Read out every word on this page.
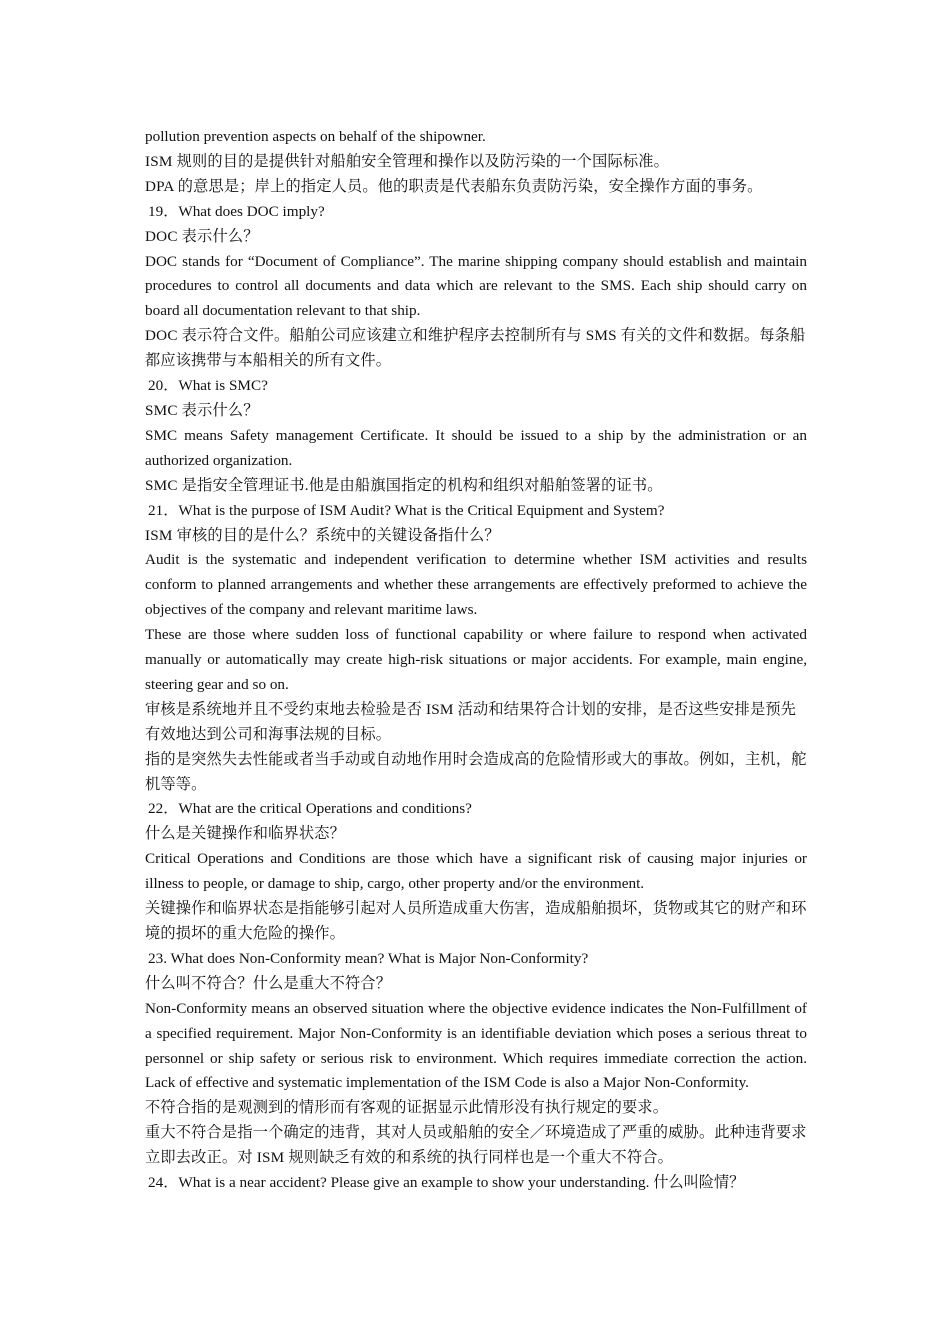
pollution prevention aspects on behalf of the shipowner.

ISM 规则的目的是提供针对船舶安全管理和操作以及防污染的一个国际标准。

DPA 的意思是；岸上的指定人员。他的职责是代表船东负责防污染，安全操作方面的事务。

19．What does DOC imply?

DOC 表示什么？

DOC stands for “Document of Compliance”. The marine shipping company should establish and maintain procedures to control all documents and data which are relevant to the SMS. Each ship should carry on board all documentation relevant to that ship.

DOC 表示符合文件。船舶公司应该建立和维护程序去控制所有与 SMS 有关的文件和数据。每条船都应该携带与本船相关的所有文件。

20．What is SMC?

SMC 表示什么？

SMC means Safety management Certificate. It should be issued to a ship by the administration or an authorized organization.

SMC 是指安全管理证书.他是由船旗国指定的机构和组织对船舶签署的证书。

21．What is the purpose of ISM Audit? What is the Critical Equipment and System?

ISM 审核的目的是什么？系统中的关键设备指什么？

Audit is the systematic and independent verification to determine whether ISM activities and results conform to planned arrangements and whether these arrangements are effectively preformed to achieve the objectives of the company and relevant maritime laws.

These are those where sudden loss of functional capability or where failure to respond when activated manually or automatically may create high-risk situations or major accidents. For example, main engine, steering gear and so on.

审核是系统地并且不受约束地去检验是否 ISM 活动和结果符合计划的安排，是否这些安排是预先有效地达到公司和海事法规的目标。

指的是突然失去性能或者当手动或自动地作用时会造成高的危险情形或大的事故。例如，主机，舵机等等。

22．What are the critical Operations and conditions?

什么是关键操作和临界状态？

Critical Operations and Conditions are those which have a significant risk of causing major injuries or illness to people, or damage to ship, cargo, other property and/or the environment.

关键操作和临界状态是指能够引起对人员所造成重大伤害，造成船舶损坏，货物或其它的财产和环境的损坏的重大危险的操作。

23. What does Non-Conformity mean? What is Major Non-Conformity?

什么叫不符合？什么是重大不符合？

Non-Conformity means an observed situation where the objective evidence indicates the Non-Fulfillment of a specified requirement. Major Non-Conformity is an identifiable deviation which poses a serious threat to personnel or ship safety or serious risk to environment. Which requires immediate correction the action. Lack of effective and systematic implementation of the ISM Code is also a Major Non-Conformity.

不符合指的是观测到的情形而有客观的证据显示此情形没有执行规定的要求。

重大不符合是指一个确定的违背，其对人员或船舶的安全／环境造成了严重的威胁。此种违背要求立即去改正。对 ISM 规则缺乏有效的和系统的执行同样也是一个重大不符合。

24．What is a near accident? Please give an example to show your understanding. 什么叫险情？
